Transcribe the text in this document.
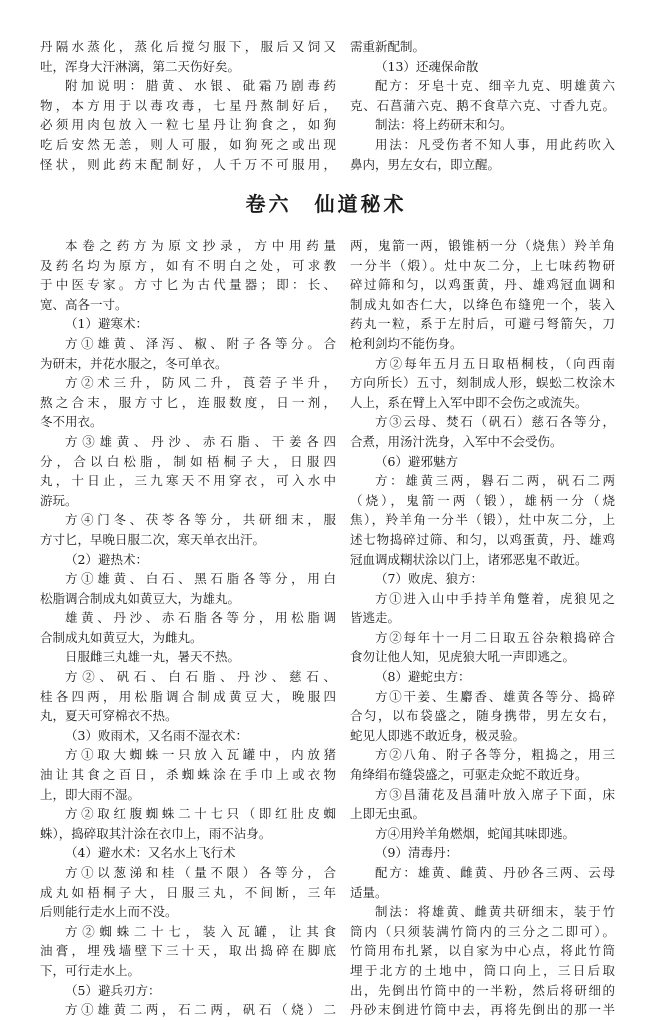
丹隔水蒸化，蒸化后搅匀服下，服后又饲又

吐，浑身大汗淋漓，第二天伤好矣。

附加说明：腊黄、水银、砒霜乃剧毒药

物，本方用于以毒攻毒，七星丹熬制好后，

必须用肉包放入一粒七星丹让狗食之，如狗

吃后安然无恙，则人可服，如狗死之或出现

怪状，则此药末配制好，人千万不可服用，

需重新配制。

（13）还魂保命散

配方：牙皂十克、细辛九克、明雄黄六

克、石菖蒲六克、鹅不食草六克、寸香九克。

制法：将上药研末和匀。

用法：凡受伤者不知人事，用此药吹入

鼻内，男左女右，即立醒。

卷六　仙道秘术

本卷之药方为原文抄录，方中用药量

及药名均为原方，如有不明白之处，可求教

于中医专家。方寸匕为古代量器；即：长、

宽、高各一寸。

（1）避寒术：

方①雄黄、泽泻、椒、附子各等分。合

为研末，并花水服之，冬可单衣。

方②术三升，防风二升，莨菪子半升，

熬之合末，服方寸匕，连服数度，日一剂，

冬不用衣。

方③雄黄、丹沙、赤石脂、干姜各四

分，合以白松脂，制如梧桐子大，日服四

丸，十日止，三九寒天不用穿衣，可入水中

游玩。

方④门冬、茯苓各等分，共研细末，服

方寸匕，早晚日服二次，寒天单衣出汗。

（2）避热术：

方①雄黄、白石、黑石脂各等分，用白

松脂调合制成丸如黄豆大，为雄丸。

雄黄、丹沙、赤石脂各等分，用松脂调

合制成丸如黄豆大，为雌丸。

日服雌三丸雄一丸，暑天不热。

方②、矾石、白石脂、丹沙、慈石、

桂各四两，用松脂调合制成黄豆大，晚服四

丸，夏天可穿棉衣不热。

（3）败雨术，又名雨不湿衣术：

方①取大蜘蛛一只放入瓦罐中，内放猪

油让其食之百日，杀蜘蛛涂在手巾上或衣物

上，即大雨不湿。

方②取红腹蜘蛛二十七只（即红肚皮蜘

蛛），捣碎取其汁涂在衣巾上，雨不沾身。

（4）避水术：又名水上飞行术

方①以葱涕和桂（量不限）各等分，合

成丸如梧桐子大，日服三丸，不间断，三年

后则能行走水上而不没。

方②蜘蛛二十七，装入瓦罐，让其食

油膏，埋残墙壁下三十天，取出捣碎在脚底

下，可行走水上。

（5）避兵刃方：

方①雄黄二两，石二两，矾石（烧）二

两，鬼箭一两，锻锥柄一分（烧焦）羚羊角

一分半（煅）。灶中灰二分，上七味药物研

碎过筛和匀，以鸡蛋黄，丹、雄鸡冠血调和

制成丸如杏仁大，以绛色布缝兜一个，装入

药丸一粒，系于左肘后，可避弓弩箭矢，刀

枪利剑均不能伤身。

方②每年五月五日取梧桐枝，（向西南

方向所长）五寸，刻制成人形，蜈蚣二枚涂木

人上，系在臂上入军中即不会伤之或流失。

方③云母、焚石（矾石）慈石各等分，

合煮，用汤汁洗身，入军中不会受伤。

（6）避邪魅方

方：雄黄三两，礜石二两，矾石二两

（烧），鬼箭一两（锻），雄柄一分（烧

焦），羚羊角一分半（锻），灶中灰二分，上

述七物捣碎过筛、和匀，以鸡蛋黄，丹、雄鸡

冠血调成糊状涂以门上，诸邪恶鬼不敢近。

（7）败虎、狼方：

方①进入山中手持羊角蹩着，虎狼见之

皆逃走。

方②每年十一月二日取五谷杂粮捣碎合

食勿让他人知，见虎狼大吼一声即逃之。

（8）避蛇虫方：

方①干姜、生麝香、雄黄各等分、捣碎

合匀，以布袋盛之，随身携带，男左女右，

蛇见人即逃不敢近身，极灵验。

方②八角、附子各等分，粗捣之，用三

角绛绢布缝袋盛之，可驱走众蛇不敢近身。

方③昌蒲花及昌蒲叶放入席子下面，床

上即无虫虱。

方④用羚羊角燃烟，蛇闻其味即逃。

（9）清毒丹：

配方：雄黄、雌黄、丹砂各三两、云母

适量。

制法：将雄黄、雌黄共研细末，装于竹

筒内（只须装满竹筒内的三分之二即可）。

竹筒用布扎紧，以自家为中心点，将此竹筒

埋于北方的土地中，筒口向上，三日后取

出，先倒出竹筒中的一半粉，然后将研细的

丹砂末倒进竹筒中去，再将先倒出的那一半
